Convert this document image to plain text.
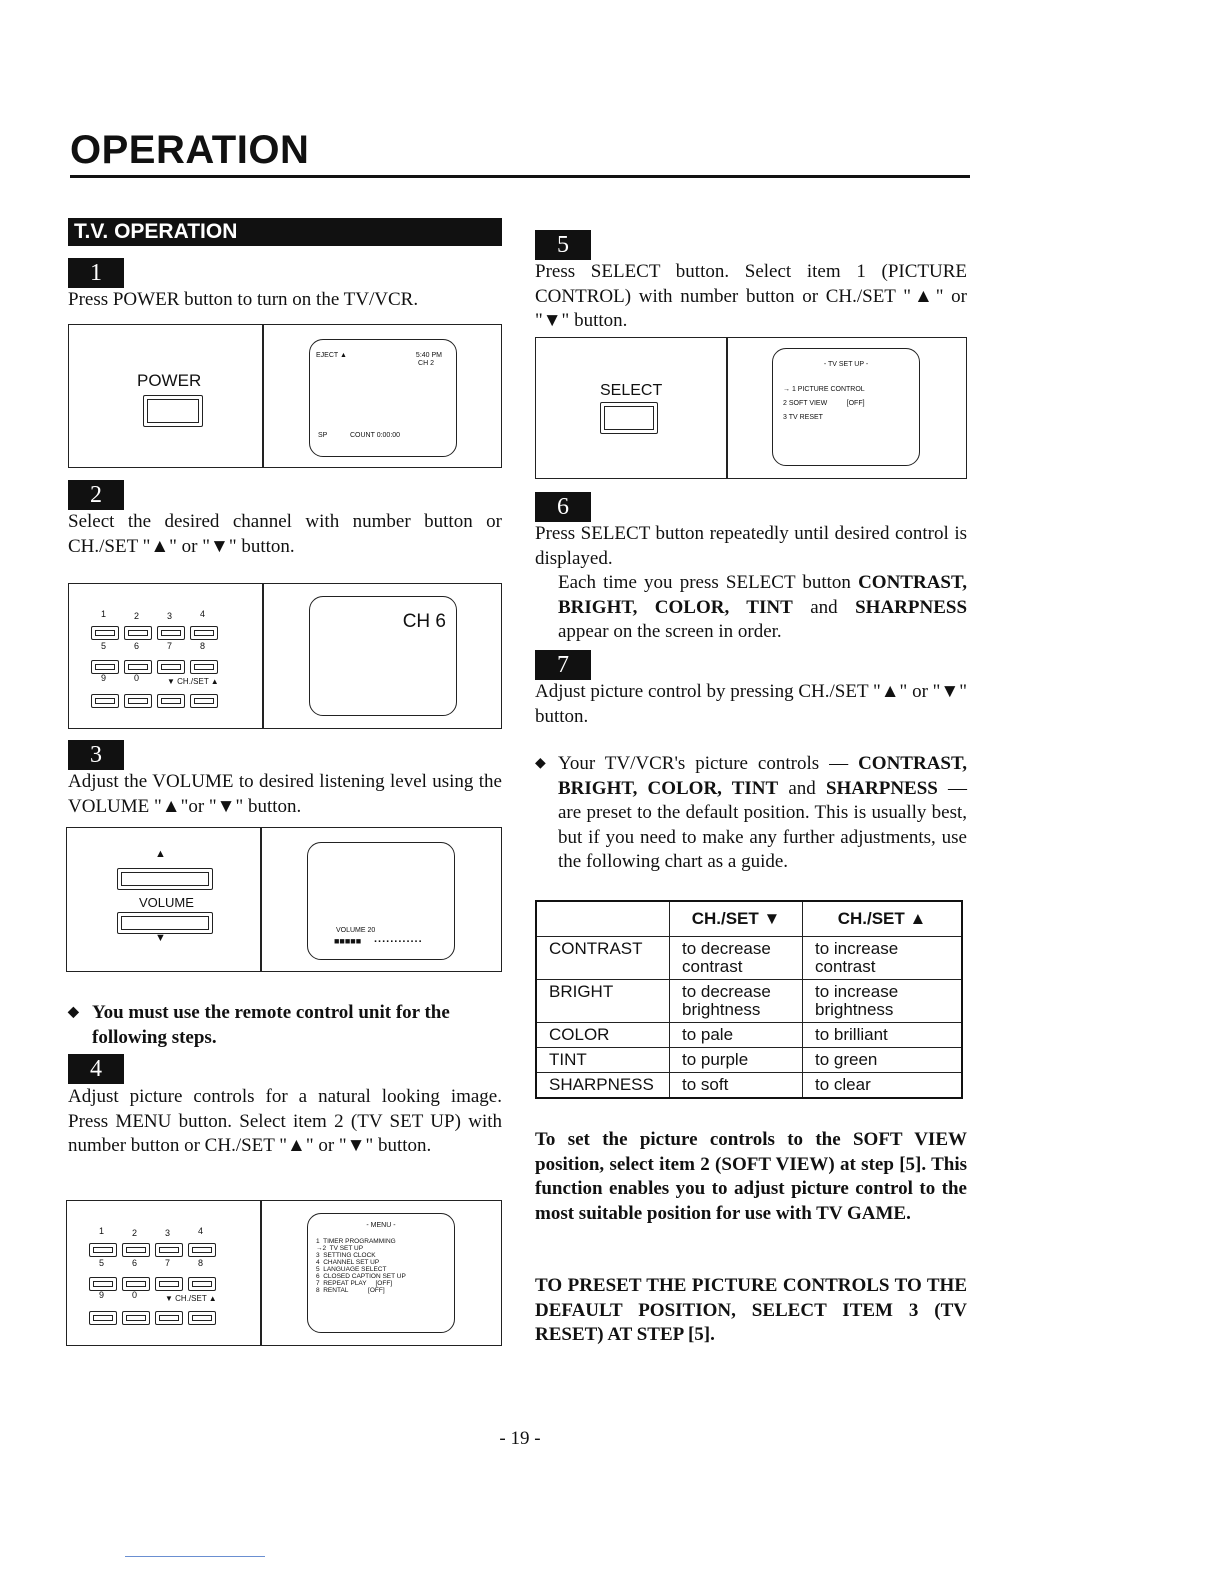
OPERATION
T.V. OPERATION
1

Press POWER button to turn on the TV/VCR.

POWER
EJECT ▲	5:40 PM
CH 2
SP	COUNT 0:00:00
2

Select the desired channel with number button or CH./SET "▲" or "▼" button.

1	2	3	4
5	6	7	8
9	0	▼ CH./SET ▲
CH 6
3

Adjust the VOLUME to desired listening level using the VOLUME "▲"or "▼" button.

▲
VOLUME
▼
VOLUME 20
■■■■■ ............
◆ You must use the remote control unit for the following steps.
4

Adjust picture controls for a natural looking image. Press MENU button. Select item 2 (TV SET UP) with number button or CH./SET "▲" or "▼" button.

1	2	3	4
5	6	7	8
9	0	▼ CH./SET ▲
- MENU -
1  TIMER PROGRAMMING
→2  TV SET UP
3  SETTING CLOCK
4  CHANNEL SET UP
5  LANGUAGE SELECT
6  CLOSED CAPTION SET UP
7  REPEAT PLAY     [OFF]
8  RENTAL           [OFF]
5

Press SELECT button. Select item 1 (PICTURE CONTROL) with number button or CH./SET "▲" or "▼" button.

SELECT
- TV SET UP -
→ 1 PICTURE CONTROL
2 SOFT VIEW          [OFF]
3 TV RESET
6

Press SELECT button repeatedly until desired control is displayed.

Each time you press SELECT button CONTRAST, BRIGHT, COLOR, TINT and SHARPNESS appear on the screen in order.

7

Adjust picture control by pressing CH./SET "▲" or "▼" button.

◆ Your TV/VCR's picture controls — CONTRAST, BRIGHT, COLOR, TINT and SHARPNESS — are preset to the default position. This is usually best, but if you need to make any further adjustments, use the following chart as a guide.

	CH./SET ▼	CH./SET ▲
CONTRAST	to decrease contrast	to increase contrast
BRIGHT	to decrease brightness	to increase brightness
COLOR	to pale	to brilliant
TINT	to purple	to green
SHARPNESS	to soft	to clear

To set the picture controls to the SOFT VIEW position, select item 2 (SOFT VIEW) at step [5]. This function enables you to adjust picture control to the most suitable position for use with TV GAME.

TO PRESET THE PICTURE CONTROLS TO THE DEFAULT POSITION, SELECT ITEM 3 (TV RESET) AT STEP [5].

- 19 -
